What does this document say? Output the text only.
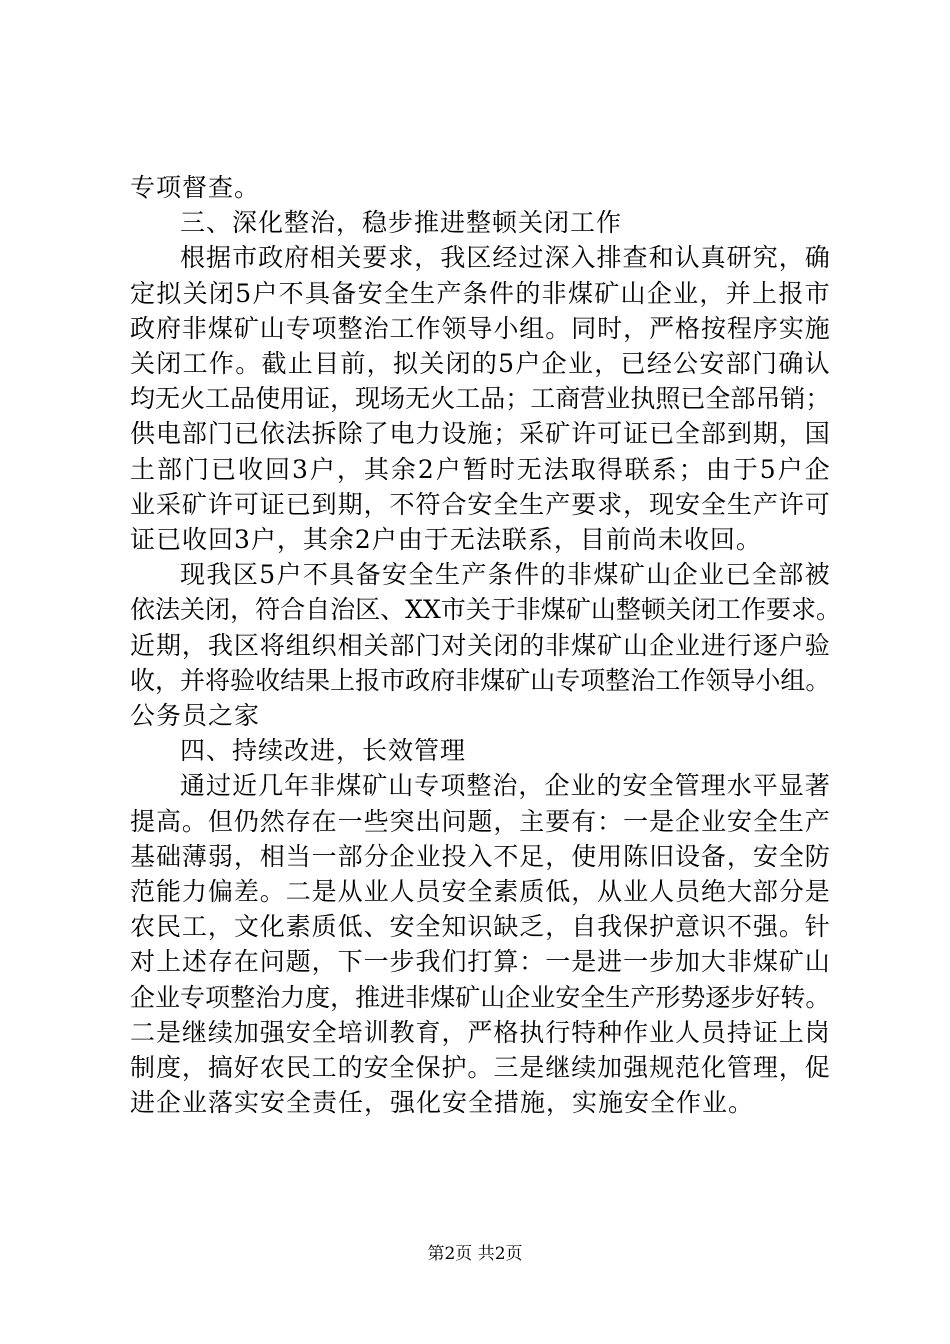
专项督查。
三、深化整治，稳步推进整顿关闭工作
根 据 市 政 府 相 关 要 求 ， 我 区 经 过 深 入 排 查 和 认 真 研 究 ， 确
定 拟 关 闭 5 户 不 具 备 安 全 生 产 条 件 的 非 煤 矿 山 企 业 ， 并 上 报 市
政 府 非 煤 矿 山 专 项 整 治 工 作 领 导 小 组 。 同 时 ， 严 格 按 程 序 实 施
关 闭 工 作 。 截 止 目 前 ， 拟 关 闭 的 5 户 企 业 ， 已 经 公 安 部 门 确 认
均 无 火 工 品 使 用 证 ， 现 场 无 火 工 品 ； 工 商 营 业 执 照 已 全 部 吊 销 ；
供 电 部 门 已 依 法 拆 除 了 电 力 设 施 ； 采 矿 许 可 证 已 全 部 到 期 ， 国
土 部 门 已 收 回 3 户 ， 其 余 2 户 暂 时 无 法 取 得 联 系 ； 由 于 5 户 企
业 采 矿 许 可 证 已 到 期 ， 不 符 合 安 全 生 产 要 求 ， 现 安 全 生 产 许 可
证已收回3户，其余2户由于无法联系，目前尚未收回。
现 我 区 5 户 不 具 备 安 全 生 产 条 件 的 非 煤 矿 山 企 业 已 全 部 被
依 法 关 闭 ， 符 合 自 治 区 、 X X 市 关 于 非 煤 矿 山 整 顿 关 闭 工 作 要 求 。
近 期 ， 我 区 将 组 织 相 关 部 门 对 关 闭 的 非 煤 矿 山 企 业 进 行 逐 户 验
收 ， 并 将 验 收 结 果 上 报 市 政 府 非 煤 矿 山 专 项 整 治 工 作 领 导 小 组 。
公务员之家
四、持续改进，长效管理
通 过 近 几 年 非 煤 矿 山 专 项 整 治 ， 企 业 的 安 全 管 理 水 平 显 著
提 高 。 但 仍 然 存 在 一 些 突 出 问 题 ， 主 要 有 ： 一 是 企 业 安 全 生 产
基 础 薄 弱 ， 相 当 一 部 分 企 业 投 入 不 足 ， 使 用 陈 旧 设 备 ， 安 全 防
范 能 力 偏 差 。 二 是 从 业 人 员 安 全 素 质 低 ， 从 业 人 员 绝 大 部 分 是
农 民 工 ， 文 化 素 质 低 、 安 全 知 识 缺 乏 ， 自 我 保 护 意 识 不 强 。 针
对 上 述 存 在 问 题 ， 下 一 步 我 们 打 算 ： 一 是 进 一 步 加 大 非 煤 矿 山
企 业 专 项 整 治 力 度 ， 推 进 非 煤 矿 山 企 业 安 全 生 产 形 势 逐 步 好 转 。
二 是 继 续 加 强 安 全 培 训 教 育 ， 严 格 执 行 特 种 作 业 人 员 持 证 上 岗
制 度 ， 搞 好 农 民 工 的 安 全 保 护 。 三 是 继 续 加 强 规 范 化 管 理 ， 促
进企业落实安全责任，强化安全措施，实施安全作业。
第2页 共2页
